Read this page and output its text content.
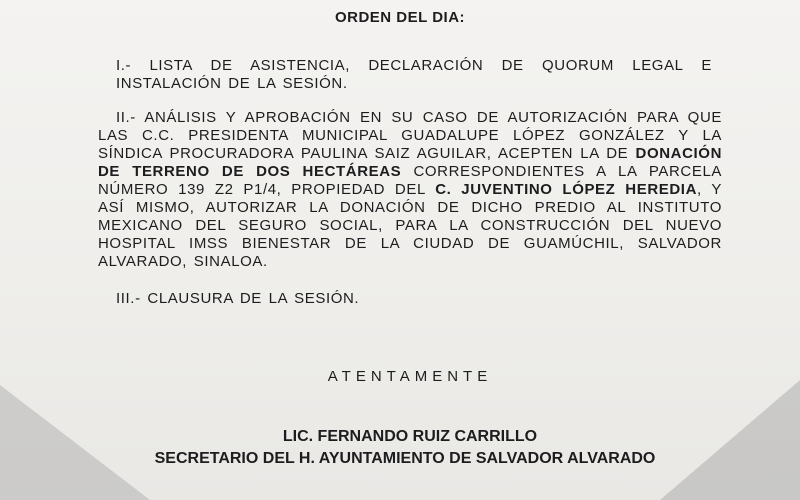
ORDEN DEL DIA:
I.- LISTA DE ASISTENCIA, DECLARACIÓN DE QUORUM LEGAL E INSTALACIÓN DE LA SESIÓN.
II.- ANÁLISIS Y APROBACIÓN EN SU CASO DE AUTORIZACIÓN PARA QUE LAS C.C. PRESIDENTA MUNICIPAL GUADALUPE LÓPEZ GONZÁLEZ Y LA SÍNDICA PROCURADORA PAULINA SAIZ AGUILAR, ACEPTEN LA DE DONACIÓN DE TERRENO DE DOS HECTÁREAS CORRESPONDIENTES A LA PARCELA NÚMERO 139 Z2 P1/4, PROPIEDAD DEL C. JUVENTINO LÓPEZ HEREDIA, Y ASÍ MISMO, AUTORIZAR LA DONACIÓN DE DICHO PREDIO AL INSTITUTO MEXICANO DEL SEGURO SOCIAL, PARA LA CONSTRUCCIÓN DEL NUEVO HOSPITAL IMSS BIENESTAR DE LA CIUDAD DE GUAMÚCHIL, SALVADOR ALVARADO, SINALOA.
III.- CLAUSURA DE LA SESIÓN.
ATENTAMENTE
LIC. FERNANDO RUIZ CARRILLO
SECRETARIO DEL H. AYUNTAMIENTO DE SALVADOR ALVARADO
